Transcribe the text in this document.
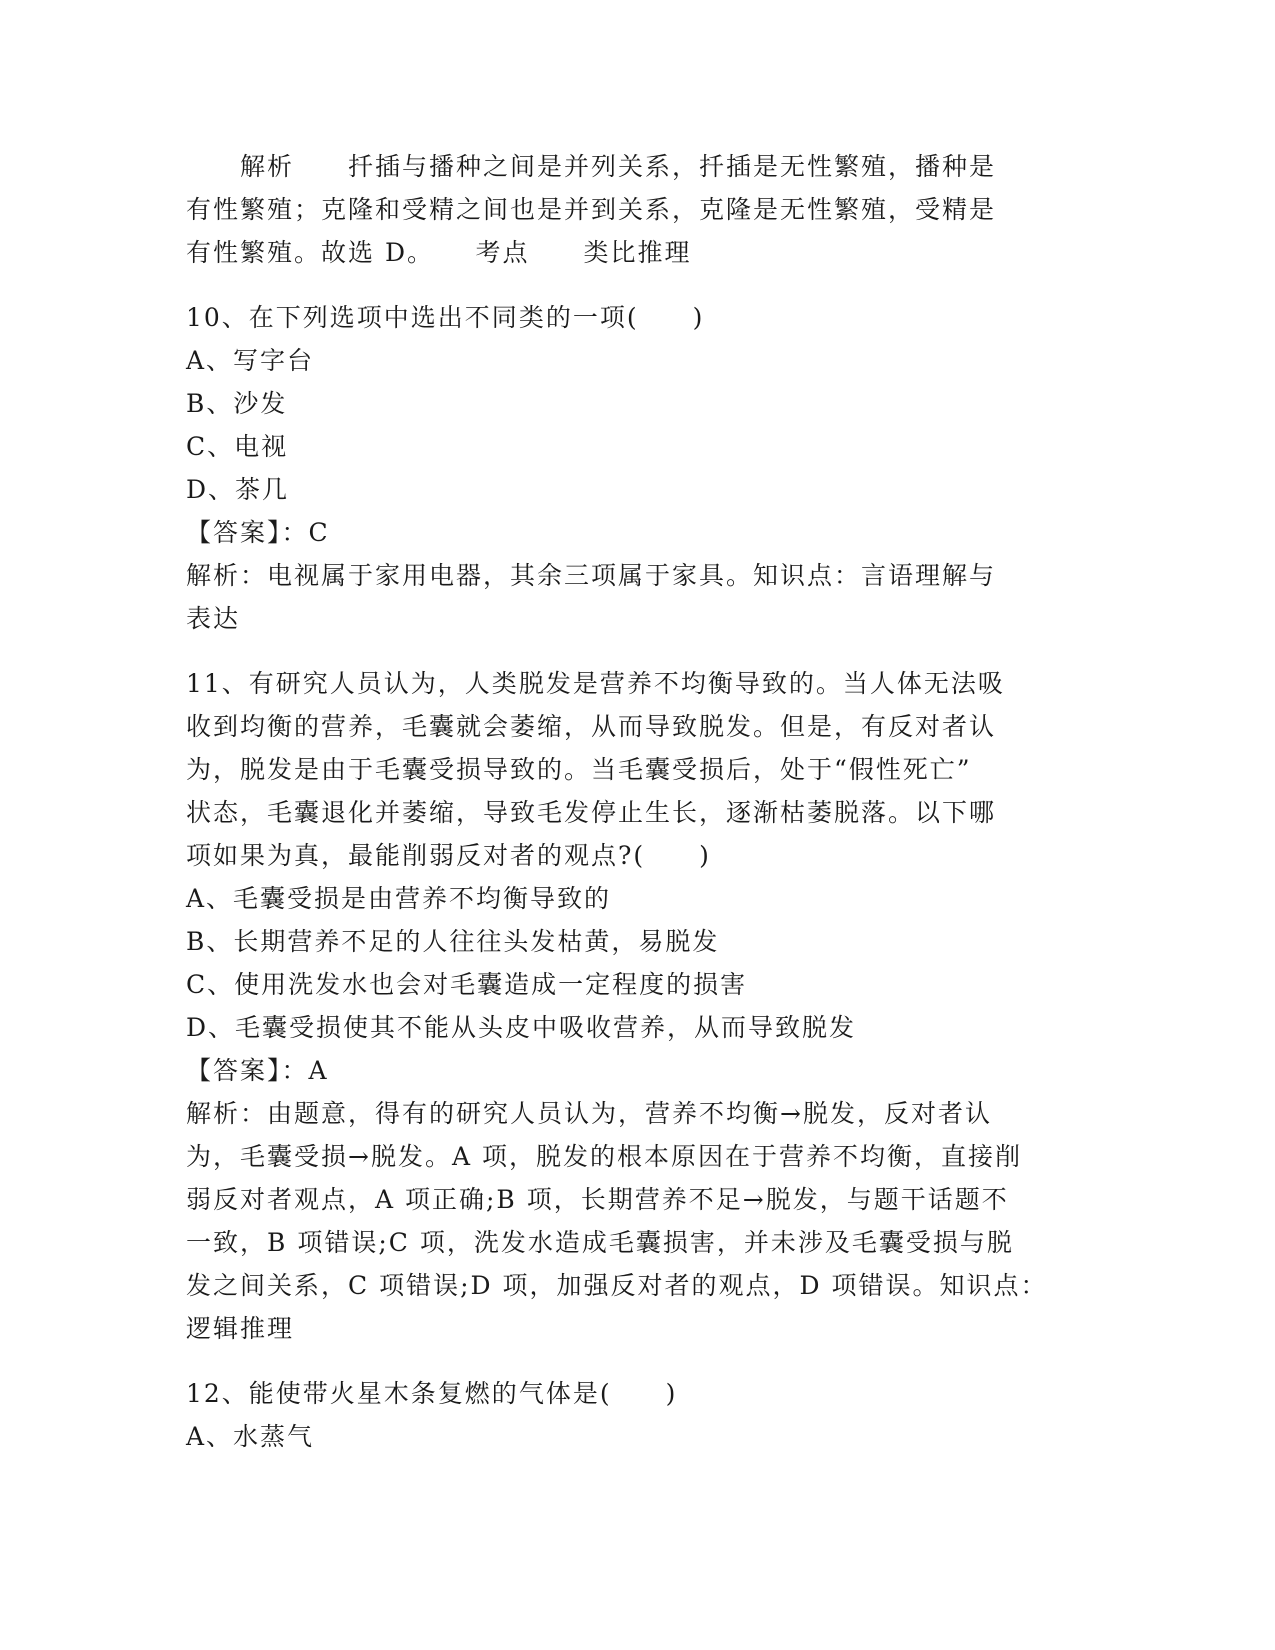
　　解析　　扦插与播种之间是并列关系，扦插是无性繁殖，播种是
有性繁殖；克隆和受精之间也是并到关系，克隆是无性繁殖，受精是
有性繁殖。故选 D。　　考点　　类比推理
10、在下列选项中选出不同类的一项(　　)
A、写字台
B、沙发
C、电视
D、茶几
【答案】：C
解析：电视属于家用电器，其余三项属于家具。知识点：言语理解与
表达
11、有研究人员认为，人类脱发是营养不均衡导致的。当人体无法吸
收到均衡的营养，毛囊就会萎缩，从而导致脱发。但是，有反对者认
为，脱发是由于毛囊受损导致的。当毛囊受损后，处于“假性死亡”
状态，毛囊退化并萎缩，导致毛发停止生长，逐渐枯萎脱落。以下哪
项如果为真，最能削弱反对者的观点?(　　)
A、毛囊受损是由营养不均衡导致的
B、长期营养不足的人往往头发枯黄，易脱发
C、使用洗发水也会对毛囊造成一定程度的损害
D、毛囊受损使其不能从头皮中吸收营养，从而导致脱发
【答案】：A
解析：由题意，得有的研究人员认为，营养不均衡→脱发，反对者认
为，毛囊受损→脱发。A 项，脱发的根本原因在于营养不均衡，直接削
弱反对者观点，A 项正确;B 项，长期营养不足→脱发，与题干话题不
一致，B 项错误;C 项，洗发水造成毛囊损害，并未涉及毛囊受损与脱
发之间关系，C 项错误;D 项，加强反对者的观点，D 项错误。知识点：
逻辑推理
12、能使带火星木条复燃的气体是(　　)
A、水蒸气
